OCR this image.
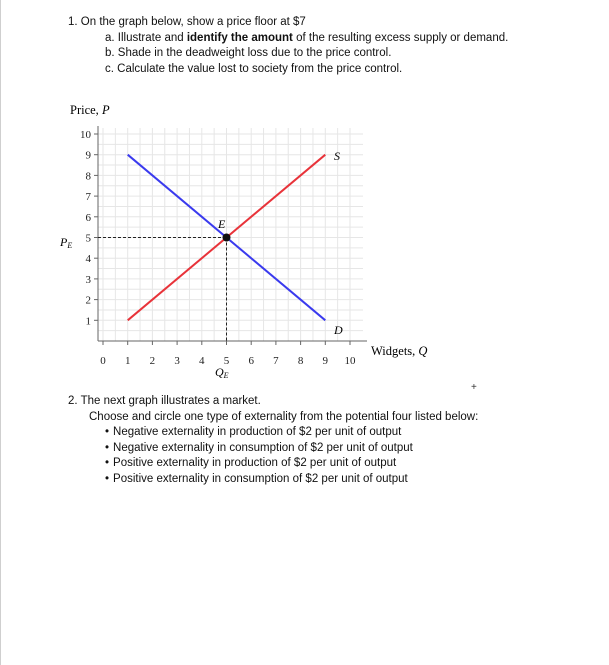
1. On the graph below, show a price floor at $7
a. Illustrate and identify the amount of the resulting excess supply or demand.
b. Shade in the deadweight loss due to the price control.
c. Calculate the value lost to society from the price control.
1
2
3
4
5
6
7
8
9
10
0 1 2 3 4 5 6 7 8 9 10
Price, P
Widgets, Q
PE
QE
E
S
D
+
2. The next graph illustrates a market.
Choose and circle one type of externality from the potential four listed below:
• Negative externality in production of $2 per unit of output
• Negative externality in consumption of $2 per unit of output
• Positive externality in production of $2 per unit of output
• Positive externality in consumption of $2 per unit of output
